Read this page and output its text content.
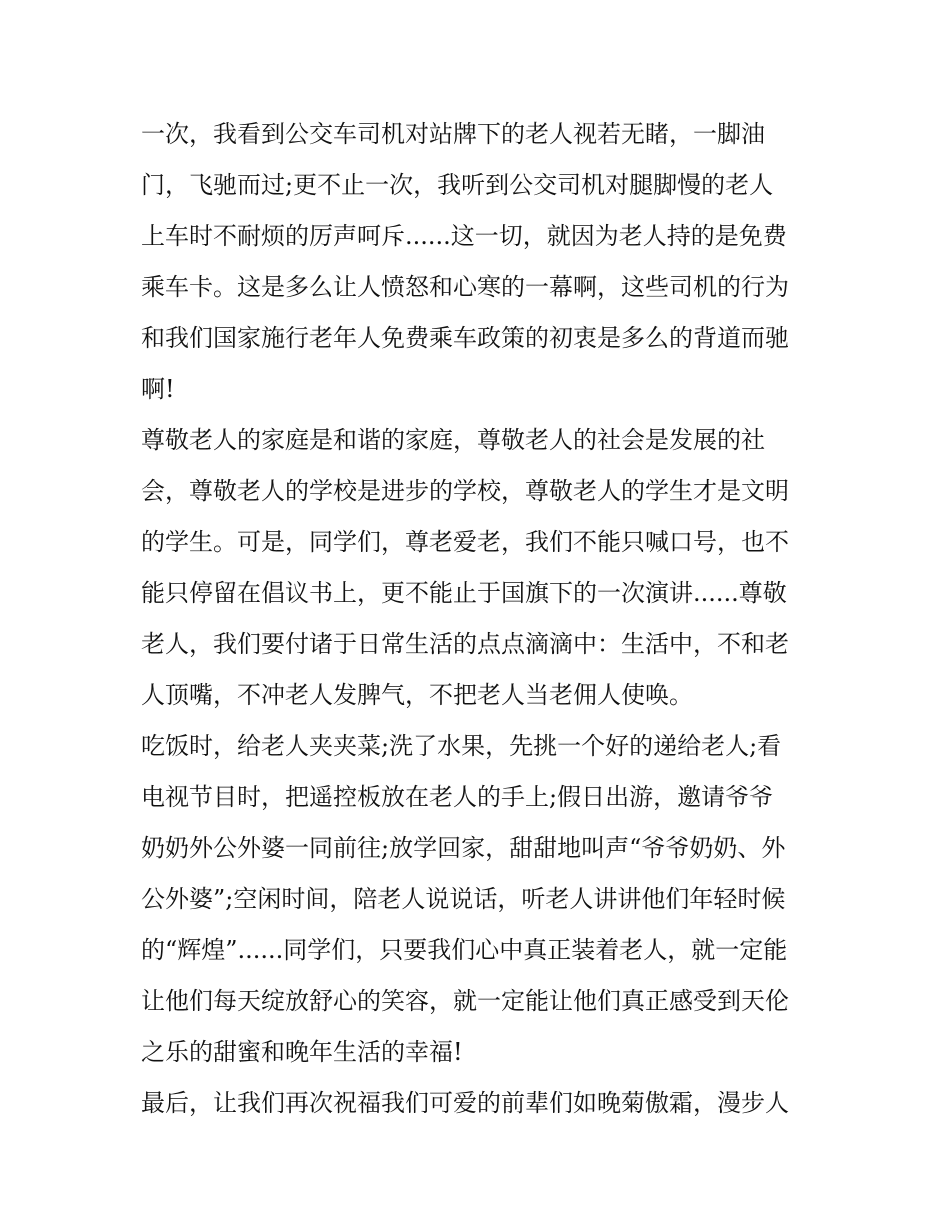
一次，我看到公交车司机对站牌下的老人视若无睹，一脚油
门，飞驰而过;更不止一次，我听到公交司机对腿脚慢的老人
上车时不耐烦的厉声呵斥......这一切，就因为老人持的是免费
乘车卡。这是多么让人愤怒和心寒的一幕啊，这些司机的行为
和我们国家施行老年人免费乘车政策的初衷是多么的背道而驰
啊!
尊敬老人的家庭是和谐的家庭，尊敬老人的社会是发展的社
会，尊敬老人的学校是进步的学校，尊敬老人的学生才是文明
的学生。可是，同学们，尊老爱老，我们不能只喊口号，也不
能只停留在倡议书上，更不能止于国旗下的一次演讲......尊敬
老人，我们要付诸于日常生活的点点滴滴中：生活中，不和老
人顶嘴，不冲老人发脾气，不把老人当老佣人使唤。
吃饭时，给老人夹夹菜;洗了水果，先挑一个好的递给老人;看
电视节目时，把遥控板放在老人的手上;假日出游，邀请爷爷
奶奶外公外婆一同前往;放学回家，甜甜地叫声“爷爷奶奶、外
公外婆”;空闲时间，陪老人说说话，听老人讲讲他们年轻时候
的“辉煌”......同学们，只要我们心中真正装着老人，就一定能
让他们每天绽放舒心的笑容，就一定能让他们真正感受到天伦
之乐的甜蜜和晚年生活的幸福!
最后，让我们再次祝福我们可爱的前辈们如晚菊傲霜，漫步人
